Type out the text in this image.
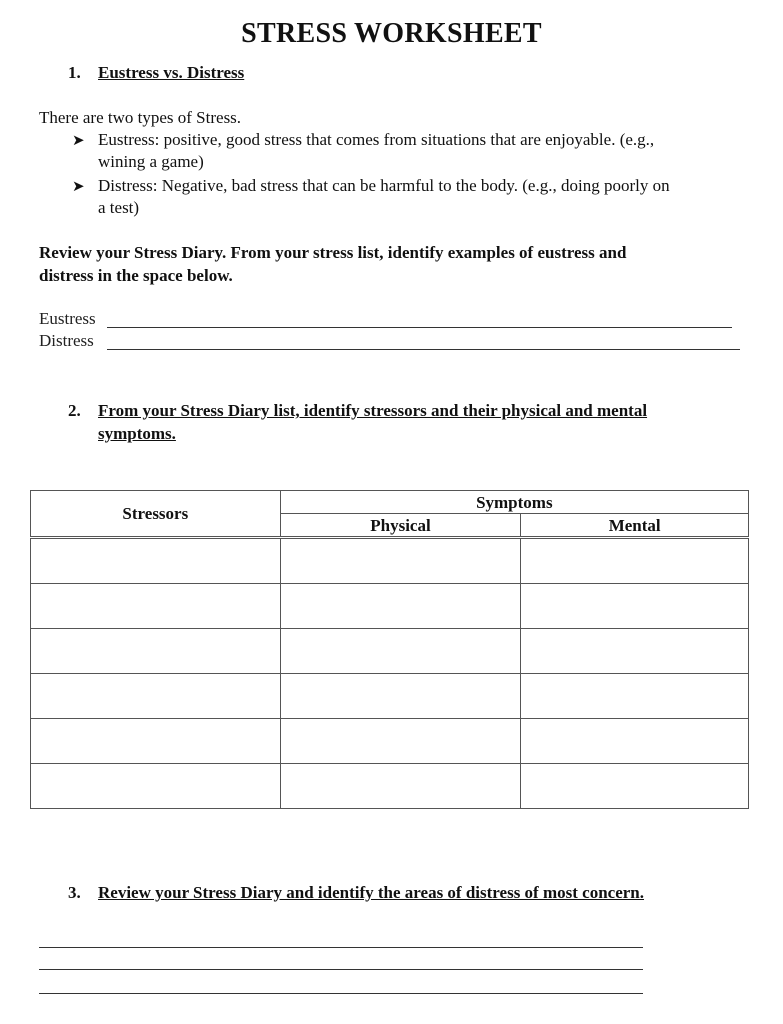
STRESS WORKSHEET
1. Eustress vs. Distress
There are two types of Stress.
➤ Eustress: positive, good stress that comes from situations that are enjoyable. (e.g.,
wining a game)
➤ Distress: Negative, bad stress that can be harmful to the body. (e.g., doing poorly on
a test)
Review your Stress Diary. From your stress list, identify examples of eustress and
distress in the space below.
Eustress
Distress
2. From your Stress Diary list, identify stressors and their physical and mental
symptoms.
Stressors	Symptoms	
	Physical	Mental

3. Review your Stress Diary and identify the areas of distress of most concern.
